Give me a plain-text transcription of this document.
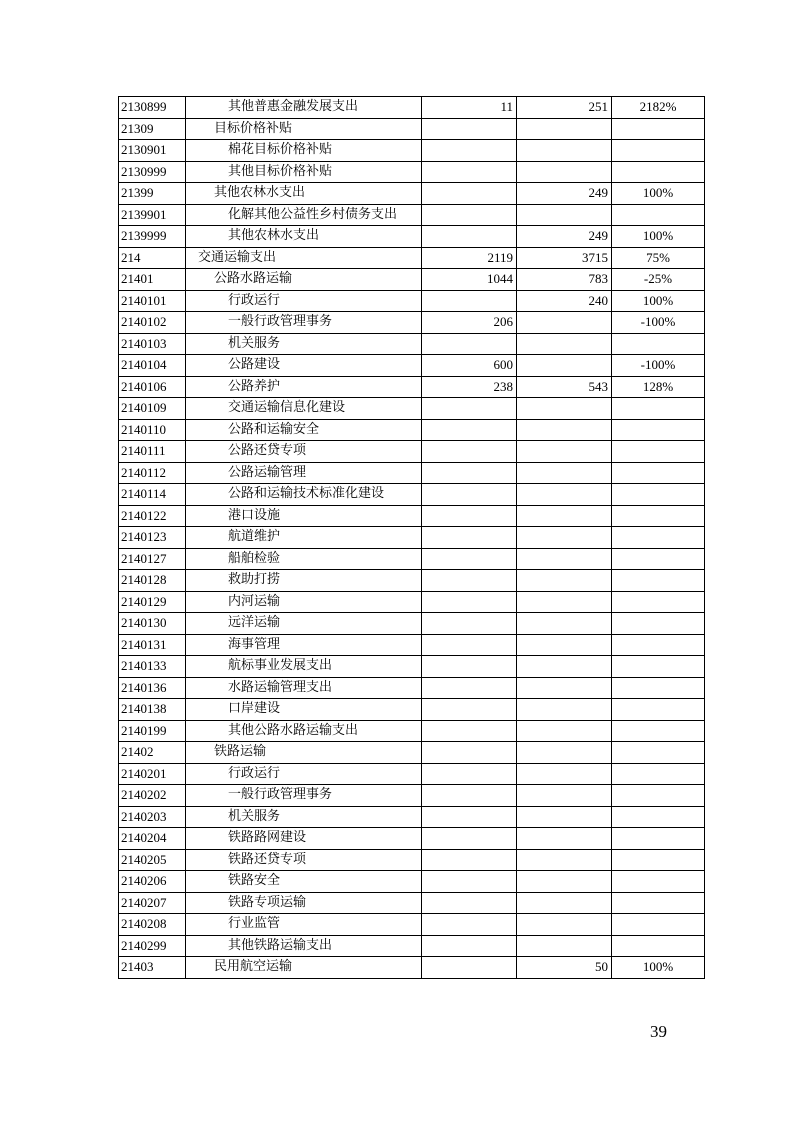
2130899	其他普惠金融发展支出	11	251	2182%
21309	目标价格补贴			
2130901	棉花目标价格补贴			
2130999	其他目标价格补贴			
21399	其他农林水支出		249	100%
2139901	化解其他公益性乡村债务支出			
2139999	其他农林水支出		249	100%
214	交通运输支出	2119	3715	75%
21401	公路水路运输	1044	783	-25%
2140101	行政运行		240	100%
2140102	一般行政管理事务	206		-100%
2140103	机关服务			
2140104	公路建设	600		-100%
2140106	公路养护	238	543	128%
2140109	交通运输信息化建设			
2140110	公路和运输安全			
2140111	公路还贷专项			
2140112	公路运输管理			
2140114	公路和运输技术标准化建设			
2140122	港口设施			
2140123	航道维护			
2140127	船舶检验			
2140128	救助打捞			
2140129	内河运输			
2140130	远洋运输			
2140131	海事管理			
2140133	航标事业发展支出			
2140136	水路运输管理支出			
2140138	口岸建设			
2140199	其他公路水路运输支出			
21402	铁路运输			
2140201	行政运行			
2140202	一般行政管理事务			
2140203	机关服务			
2140204	铁路路网建设			
2140205	铁路还贷专项			
2140206	铁路安全			
2140207	铁路专项运输			
2140208	行业监管			
2140299	其他铁路运输支出			
21403	民用航空运输		50	100%
39
